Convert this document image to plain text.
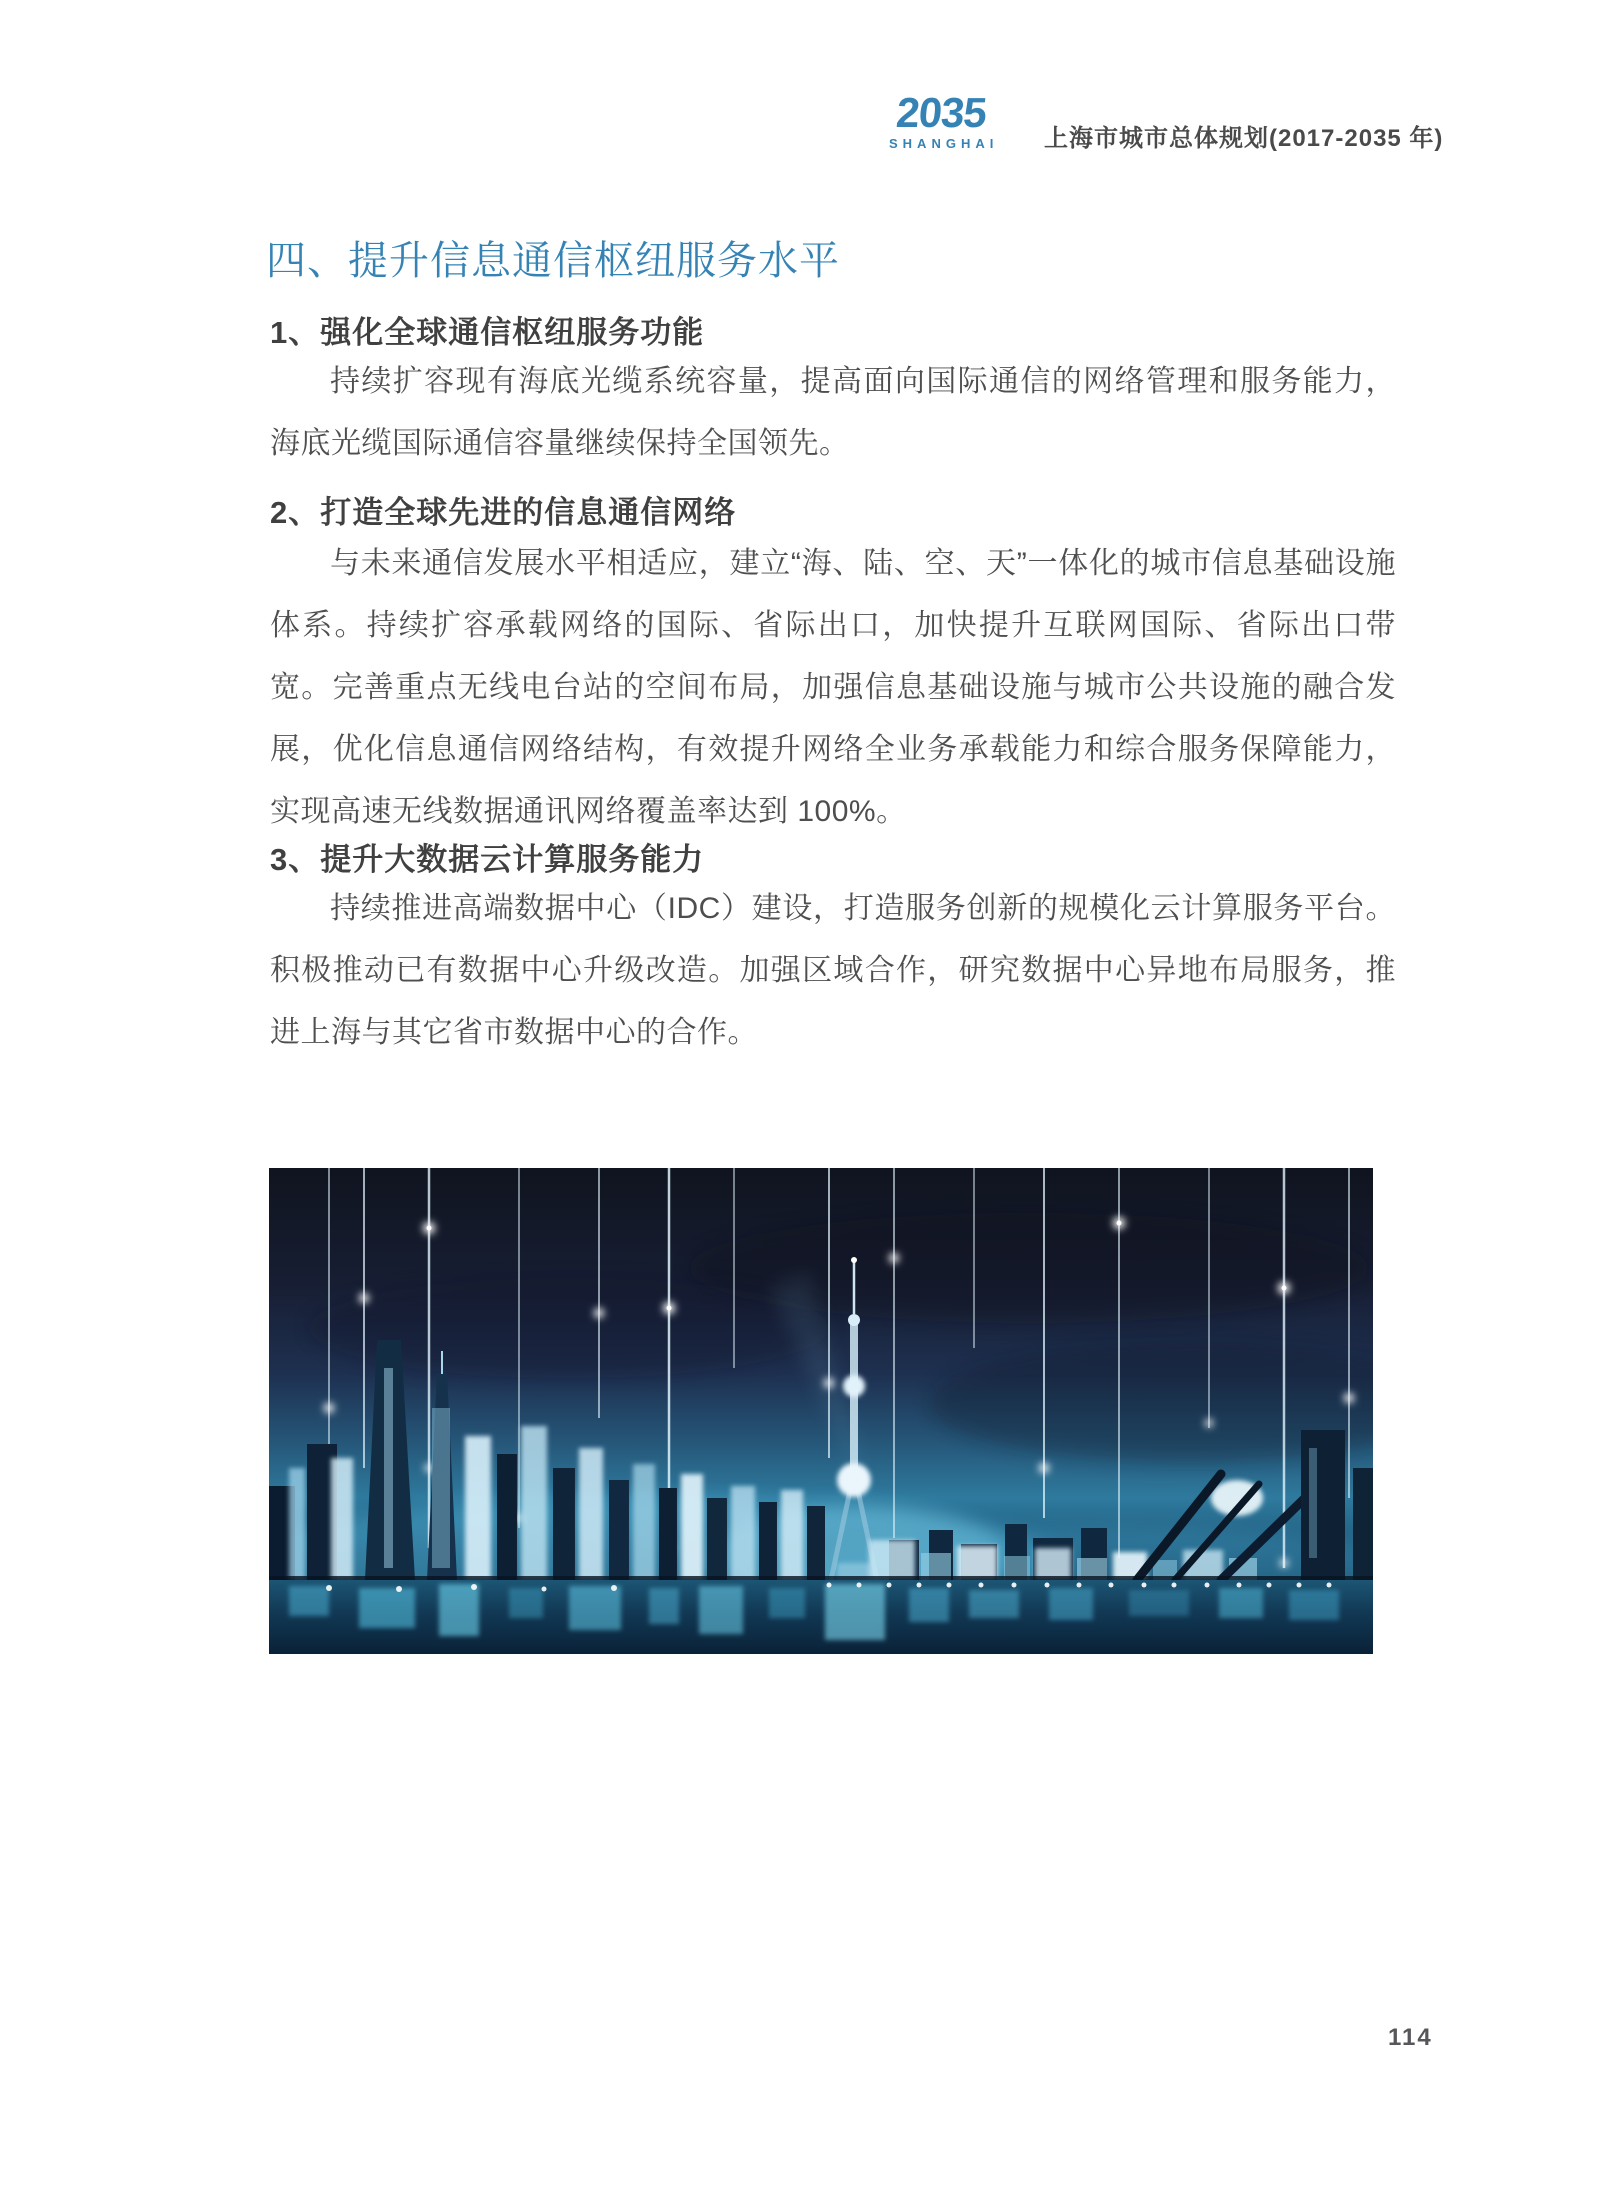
2035
SHANGHAI 上海市城市总体规划(2017-2035 年)
四、提升信息通信枢纽服务水平
1、强化全球通信枢纽服务功能

持续扩容现有海底光缆系统容量，提高面向国际通信的网络管理和服务能力，海底光缆国际通信容量继续保持全国领先。

2、打造全球先进的信息通信网络

与未来通信发展水平相适应，建立“海、陆、空、天”一体化的城市信息基础设施体系。持续扩容承载网络的国际、省际出口，加快提升互联网国际、省际出口带宽。完善重点无线电台站的空间布局，加强信息基础设施与城市公共设施的融合发展，优化信息通信网络结构，有效提升网络全业务承载能力和综合服务保障能力，实现高速无线数据通讯网络覆盖率达到 100%。

3、提升大数据云计算服务能力

持续推进高端数据中心（IDC）建设，打造服务创新的规模化云计算服务平台。积极推动已有数据中心升级改造。加强区域合作，研究数据中心异地布局服务，推进上海与其它省市数据中心的合作。

114
